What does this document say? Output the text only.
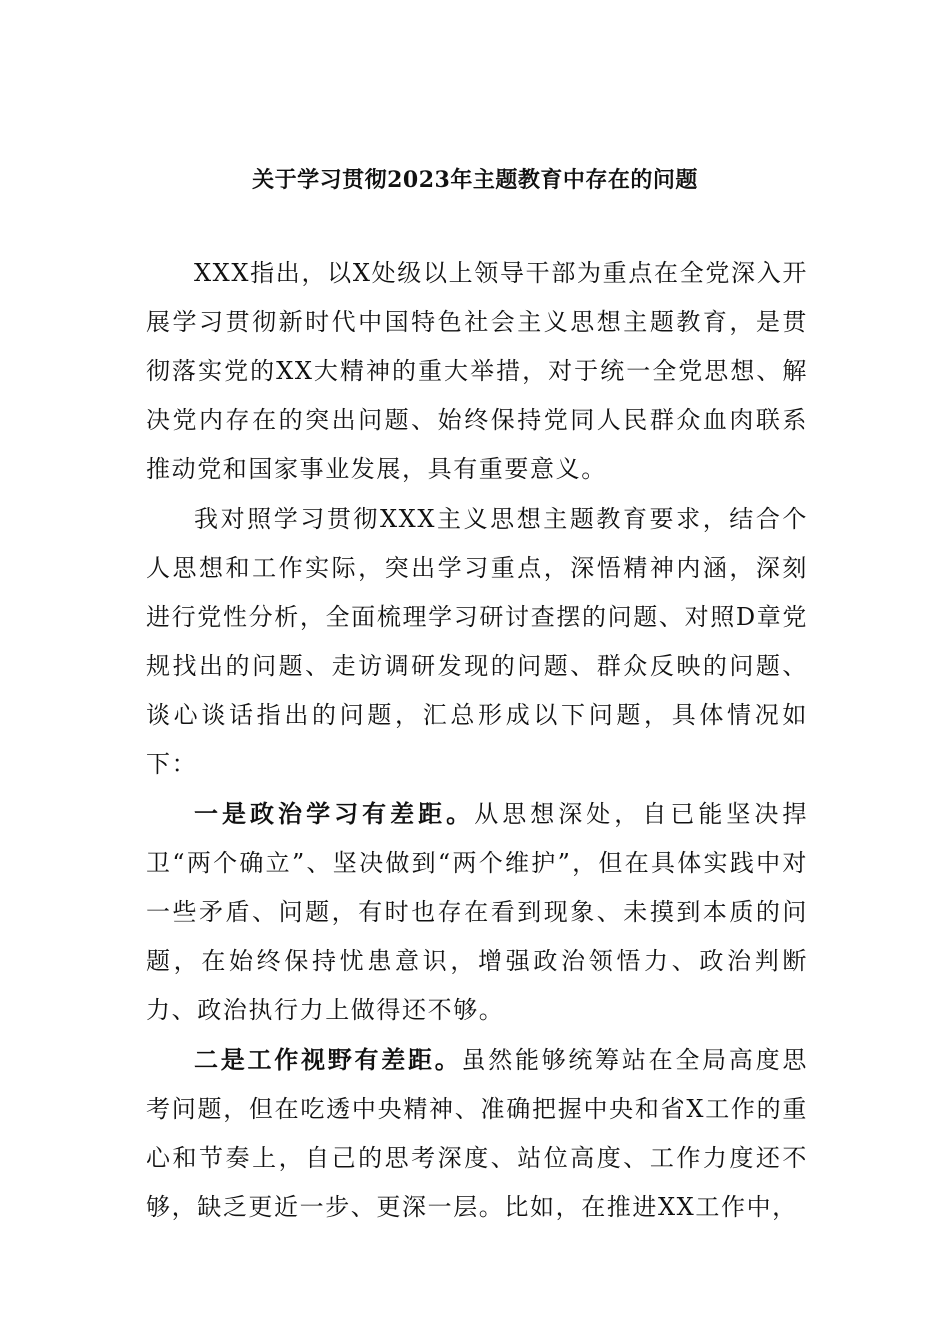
关于学习贯彻2023年主题教育中存在的问题

XXX指出，以X处级以上领导干部为重点在全党深入开展学习贯彻新时代中国特色社会主义思想主题教育，是贯彻落实党的XX大精神的重大举措，对于统一全党思想、解决党内存在的突出问题、始终保持党同人民群众血肉联系推动党和国家事业发展，具有重要意义。

我对照学习贯彻XXX主义思想主题教育要求，结合个人思想和工作实际，突出学习重点，深悟精神内涵，深刻进行党性分析，全面梳理学习研讨查摆的问题、对照D章党规找出的问题、走访调研发现的问题、群众反映的问题、谈心谈话指出的问题，汇总形成以下问题，具体情况如下：

一是政治学习有差距。从思想深处，自已能坚决捍卫“两个确立”、坚决做到“两个维护”，但在具体实践中对一些矛盾、问题，有时也存在看到现象、未摸到本质的问题，在始终保持忧患意识，增强政治领悟力、政治判断力、政治执行力上做得还不够。

二是工作视野有差距。虽然能够统筹站在全局高度思考问题，但在吃透中央精神、准确把握中央和省X工作的重心和节奏上，自己的思考深度、站位高度、工作力度还不够，缺乏更近一步、更深一层。比如，在推进XX工作中，
